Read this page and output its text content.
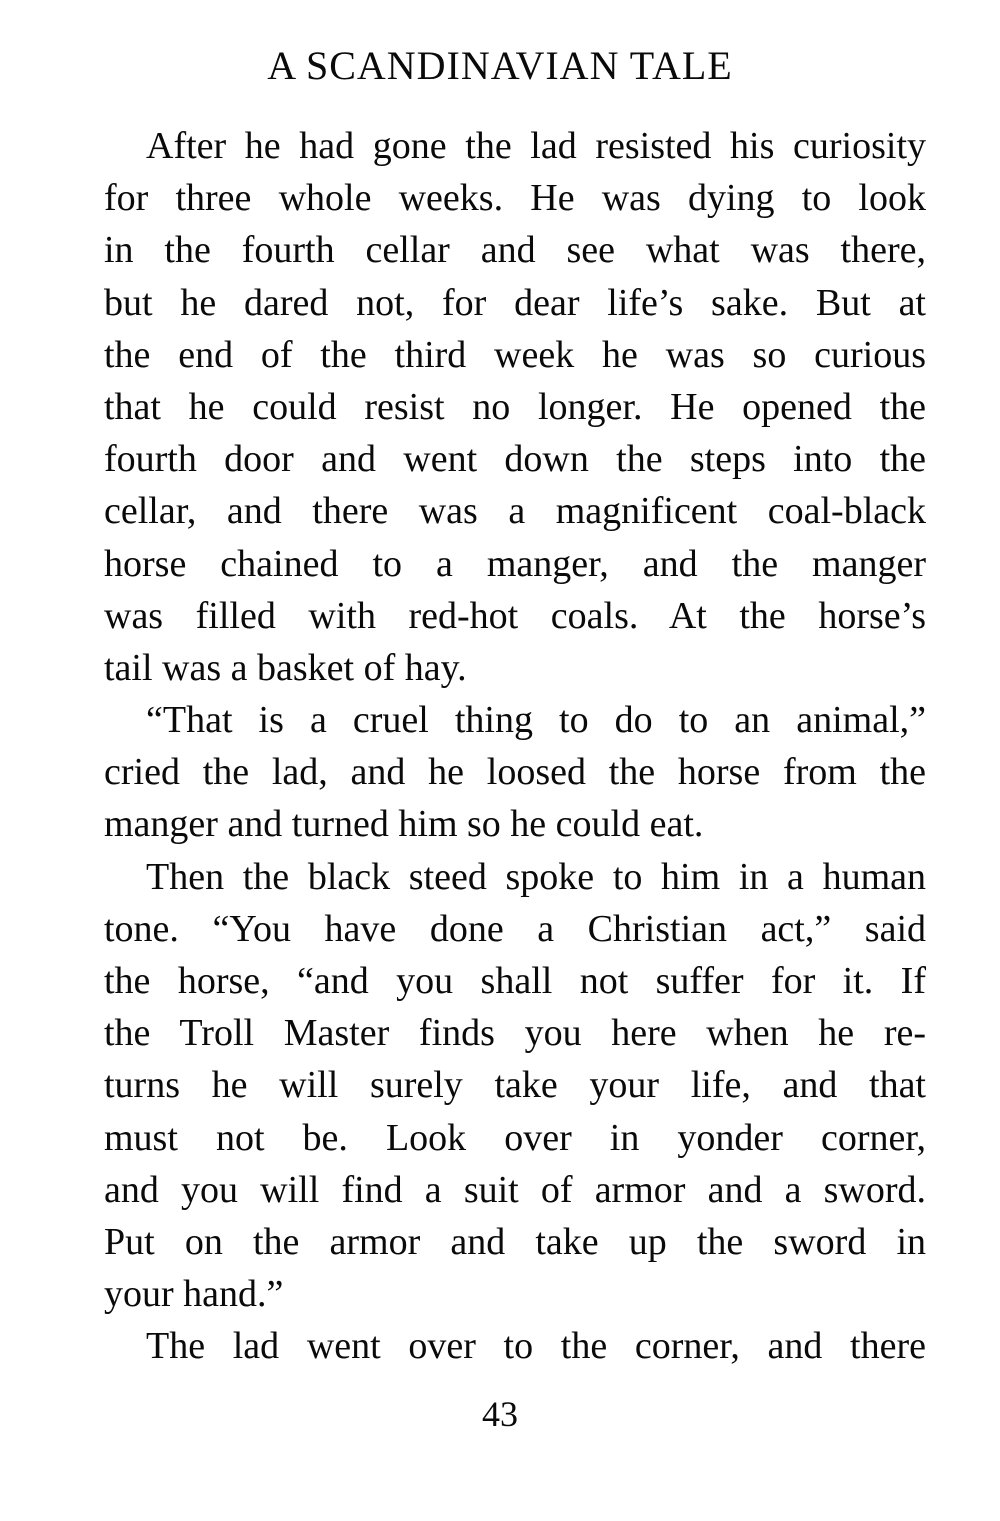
A SCANDINAVIAN TALE
After he had gone the lad resisted his curiosity
for three whole weeks. He was dying to look
in the fourth cellar and see what was there,
but he dared not, for dear life’s sake. But at
the end of the third week he was so curious
that he could resist no longer. He opened the
fourth door and went down the steps into the
cellar, and there was a magnificent coal-black
horse chained to a manger, and the manger
was filled with red-hot coals. At the horse’s
tail was a basket of hay.
“That is a cruel thing to do to an animal,”
cried the lad, and he loosed the horse from the
manger and turned him so he could eat.
Then the black steed spoke to him in a human
tone. “You have done a Christian act,” said
the horse, “and you shall not suffer for it. If
the Troll Master finds you here when he re-
turns he will surely take your life, and that
must not be. Look over in yonder corner,
and you will find a suit of armor and a sword.
Put on the armor and take up the sword in
your hand.”
The lad went over to the corner, and there
43
